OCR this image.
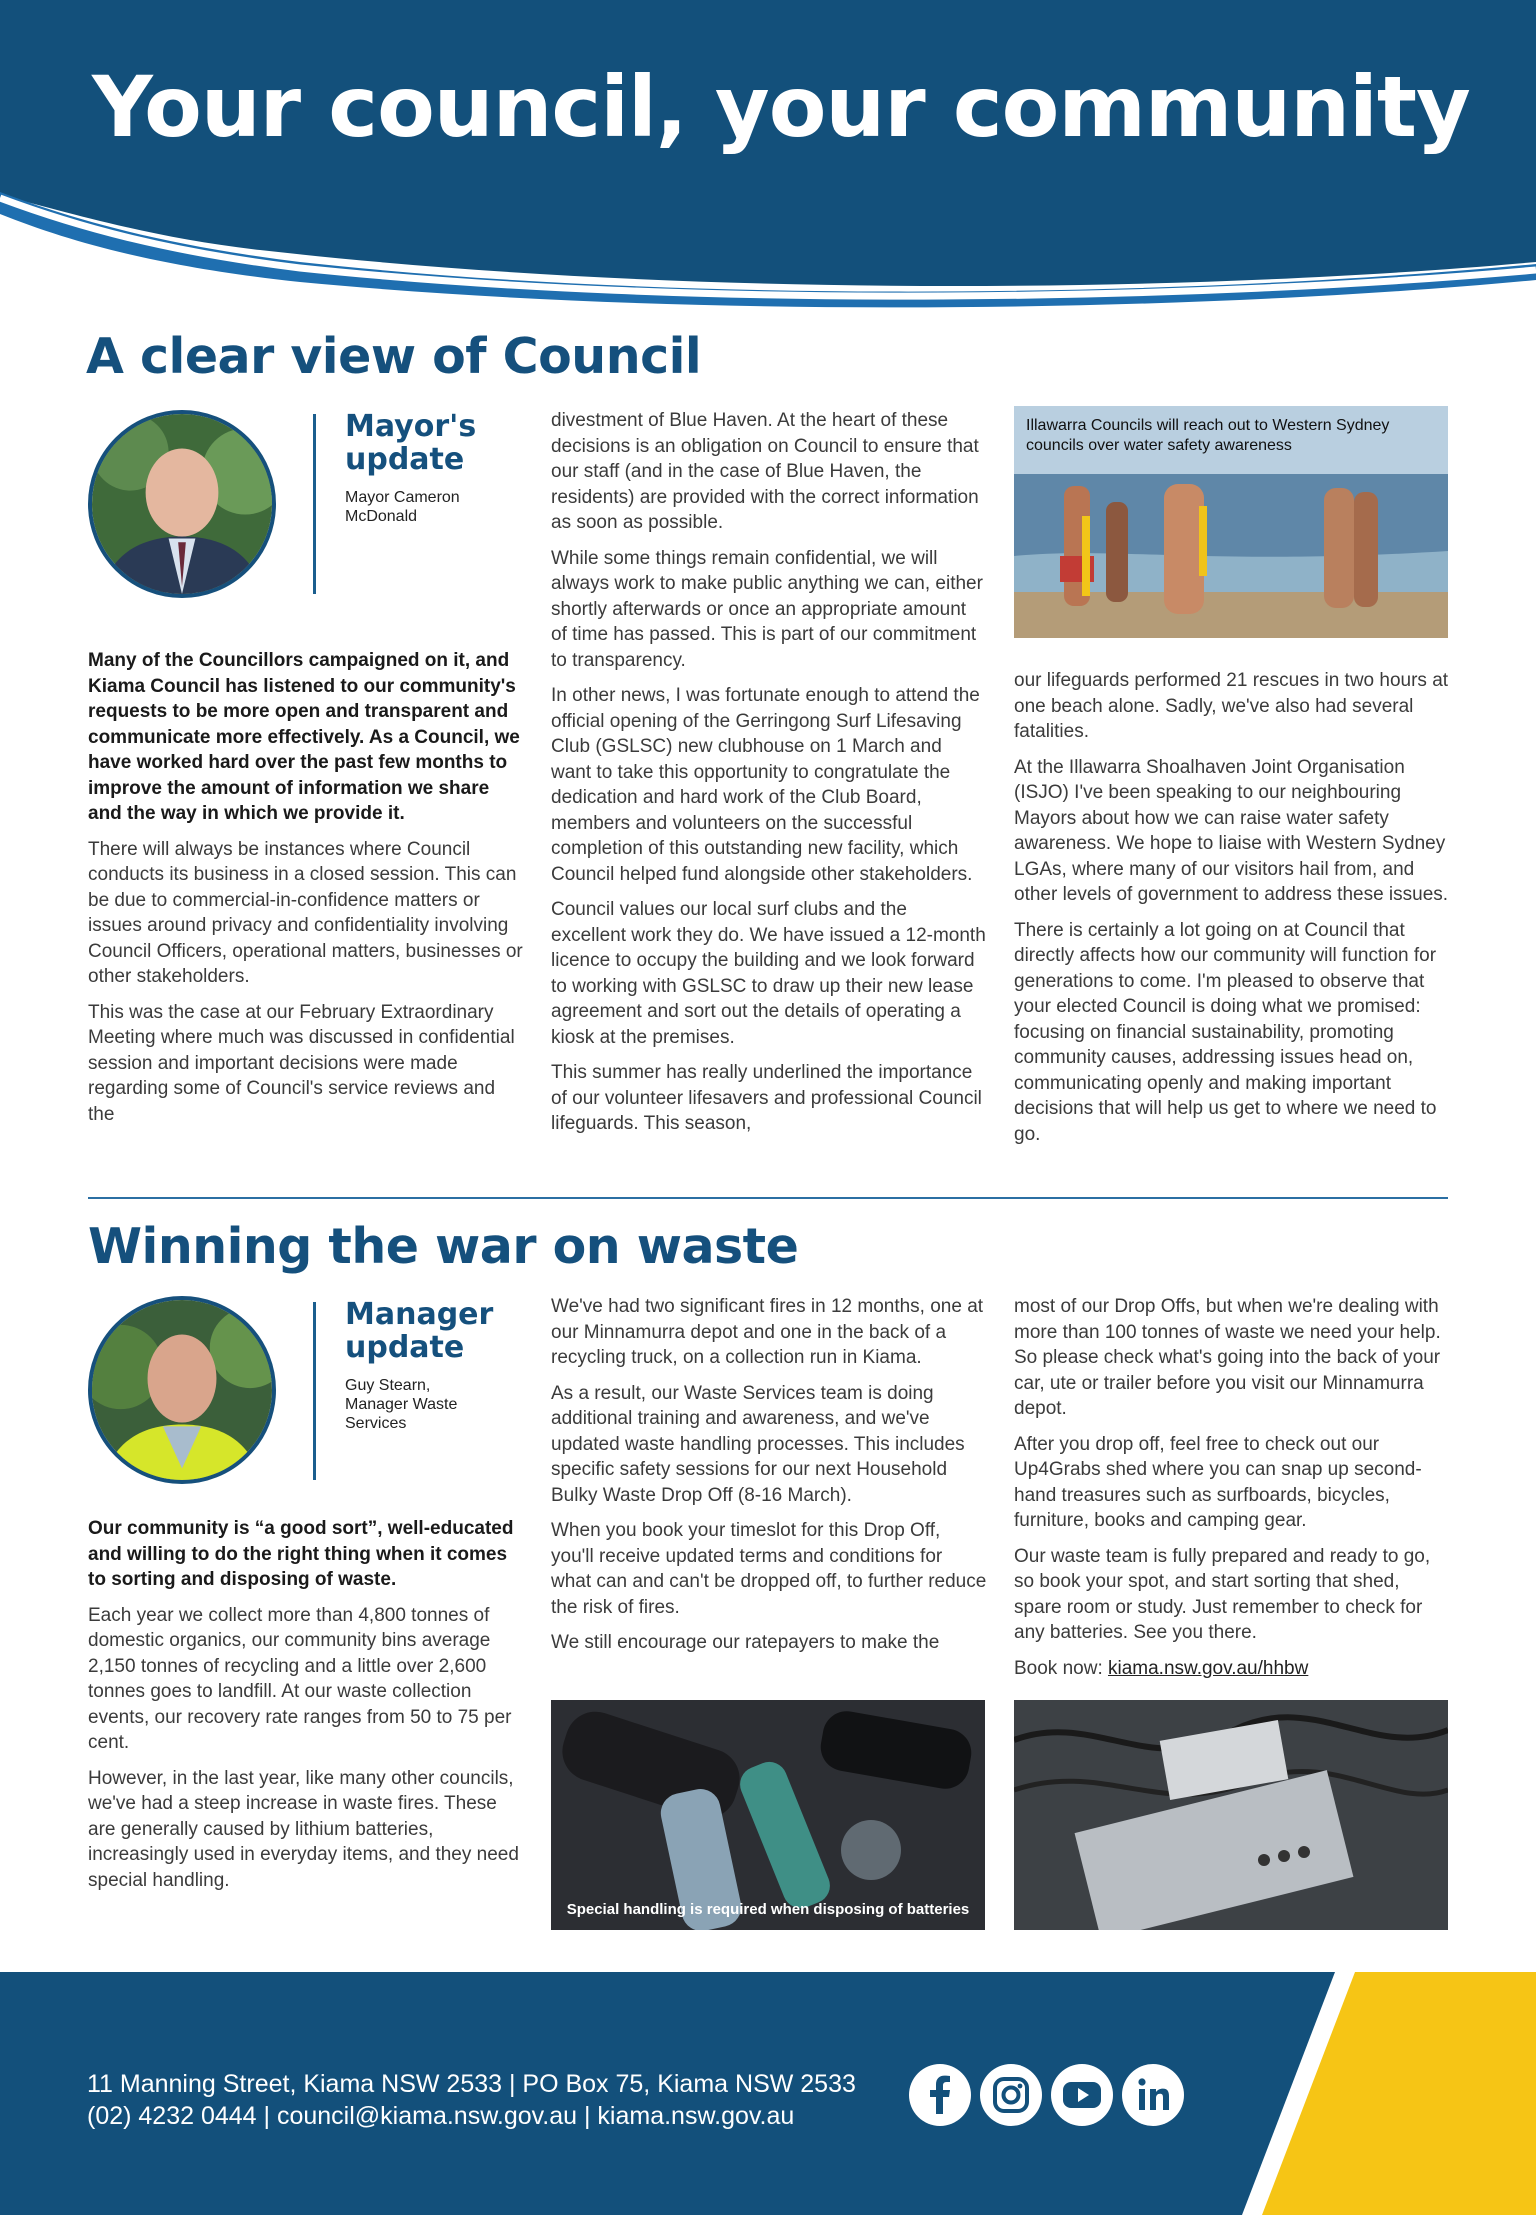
Your council, your community
A clear view of Council
Mayor's
update
Mayor Cameron
McDonald

Many of the Councillors campaigned on it, and Kiama Council has listened to our community's requests to be more open and transparent and communicate more effectively. As a Council, we have worked hard over the past few months to improve the amount of information we share and the way in which we provide it.

There will always be instances where Council conducts its business in a closed session. This can be due to commercial-in-confidence matters or issues around privacy and confidentiality involving Council Officers, operational matters, businesses or other stakeholders.

This was the case at our February Extraordinary Meeting where much was discussed in confidential session and important decisions were made regarding some of Council's service reviews and the

divestment of Blue Haven. At the heart of these decisions is an obligation on Council to ensure that our staff (and in the case of Blue Haven, the residents) are provided with the correct information as soon as possible.

While some things remain confidential, we will always work to make public anything we can, either shortly afterwards or once an appropriate amount of time has passed. This is part of our commitment to transparency.

In other news, I was fortunate enough to attend the official opening of the Gerringong Surf Lifesaving Club (GSLSC) new clubhouse on 1 March and want to take this opportunity to congratulate the dedication and hard work of the Club Board, members and volunteers on the successful completion of this outstanding new facility, which Council helped fund alongside other stakeholders.

Council values our local surf clubs and the excellent work they do. We have issued a 12-month licence to occupy the building and we look forward to working with GSLSC to draw up their new lease agreement and sort out the details of operating a kiosk at the premises.

This summer has really underlined the importance of our volunteer lifesavers and professional Council lifeguards. This season,

Illawarra Councils will reach out to Western Sydney councils over water safety awareness

our lifeguards performed 21 rescues in two hours at one beach alone. Sadly, we've also had several fatalities.

At the Illawarra Shoalhaven Joint Organisation (ISJO) I've been speaking to our neighbouring Mayors about how we can raise water safety awareness. We hope to liaise with Western Sydney LGAs, where many of our visitors hail from, and other levels of government to address these issues.

There is certainly a lot going on at Council that directly affects how our community will function for generations to come. I'm pleased to observe that your elected Council is doing what we promised: focusing on financial sustainability, promoting community causes, addressing issues head on, communicating openly and making important decisions that will help us get to where we need to go.

Winning the war on waste
Manager
update
Guy Stearn,
Manager Waste
Services

Our community is “a good sort”, well-educated and willing to do the right thing when it comes to sorting and disposing of waste.

Each year we collect more than 4,800 tonnes of domestic organics, our community bins average 2,150 tonnes of recycling and a little over 2,600 tonnes goes to landfill. At our waste collection events, our recovery rate ranges from 50 to 75 per cent.

However, in the last year, like many other councils, we've had a steep increase in waste fires. These are generally caused by lithium batteries, increasingly used in everyday items, and they need special handling.

We've had two significant fires in 12 months, one at our Minnamurra depot and one in the back of a recycling truck, on a collection run in Kiama.

As a result, our Waste Services team is doing additional training and awareness, and we've updated waste handling processes. This includes specific safety sessions for our next Household Bulky Waste Drop Off (8-16 March).

When you book your timeslot for this Drop Off, you'll receive updated terms and conditions for what can and can't be dropped off, to further reduce the risk of fires.

We still encourage our ratepayers to make the

most of our Drop Offs, but when we're dealing with more than 100 tonnes of waste we need your help. So please check what's going into the back of your car, ute or trailer before you visit our Minnamurra depot.

After you drop off, feel free to check out our Up4Grabs shed where you can snap up second-hand treasures such as surfboards, bicycles, furniture, books and camping gear.

Our waste team is fully prepared and ready to go, so book your spot, and start sorting that shed, spare room or study. Just remember to check for any batteries. See you there.

Book now: kiama.nsw.gov.au/hhbw

Special handling is required when disposing of batteries
11 Manning Street, Kiama NSW 2533 | PO Box 75, Kiama NSW 2533
(02) 4232 0444 | council@kiama.nsw.gov.au | kiama.nsw.gov.au
